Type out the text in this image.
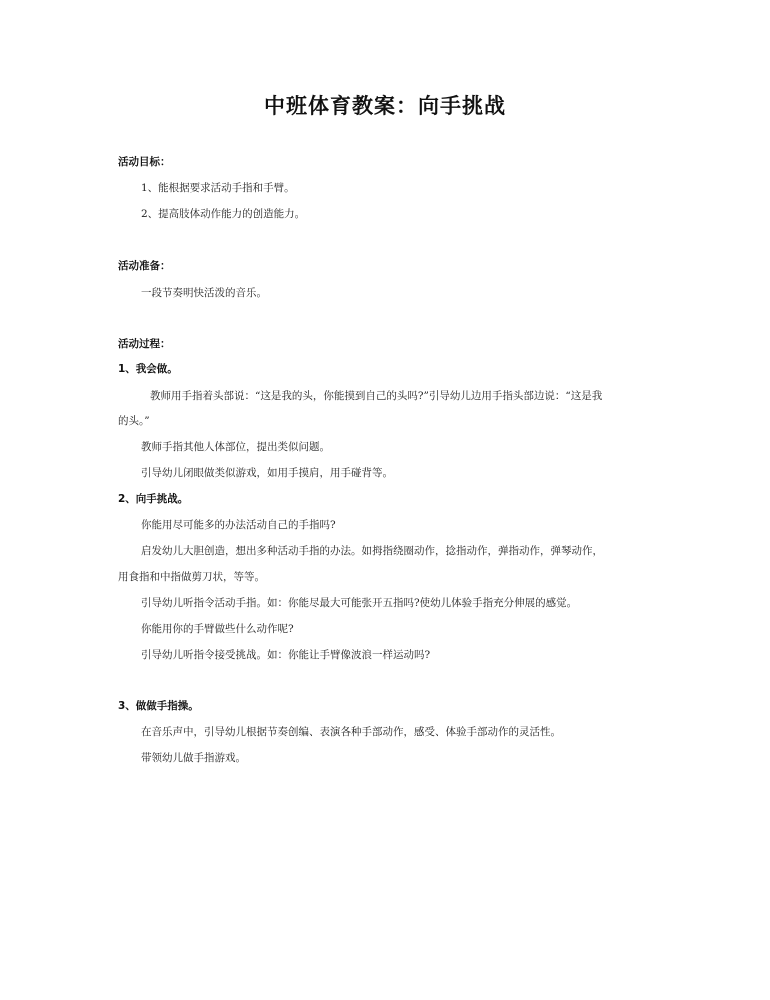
中班体育教案：向手挑战
活动目标：
1、能根据要求活动手指和手臂。
2、提高肢体动作能力的创造能力。
活动准备：
一段节奏明快活泼的音乐。
活动过程：
1、我会做。
教师用手指着头部说：“这是我的头，你能摸到自己的头吗?”引导幼儿边用手指头部边说：“这是我
的头。”
教师手指其他人体部位，提出类似问题。
引导幼儿闭眼做类似游戏，如用手摸肩，用手碰背等。
2、向手挑战。
你能用尽可能多的办法活动自己的手指吗?
启发幼儿大胆创造，想出多种活动手指的办法。如拇指绕圈动作，捻指动作，弹指动作，弹琴动作，
用食指和中指做剪刀状，等等。
引导幼儿听指令活动手指。如：你能尽最大可能张开五指吗?使幼儿体验手指充分伸展的感觉。
你能用你的手臂做些什么动作呢?
引导幼儿听指令接受挑战。如：你能让手臂像波浪一样运动吗?
3、做做手指操。
在音乐声中，引导幼儿根据节奏创编、表演各种手部动作，感受、体验手部动作的灵活性。
带领幼儿做手指游戏。
